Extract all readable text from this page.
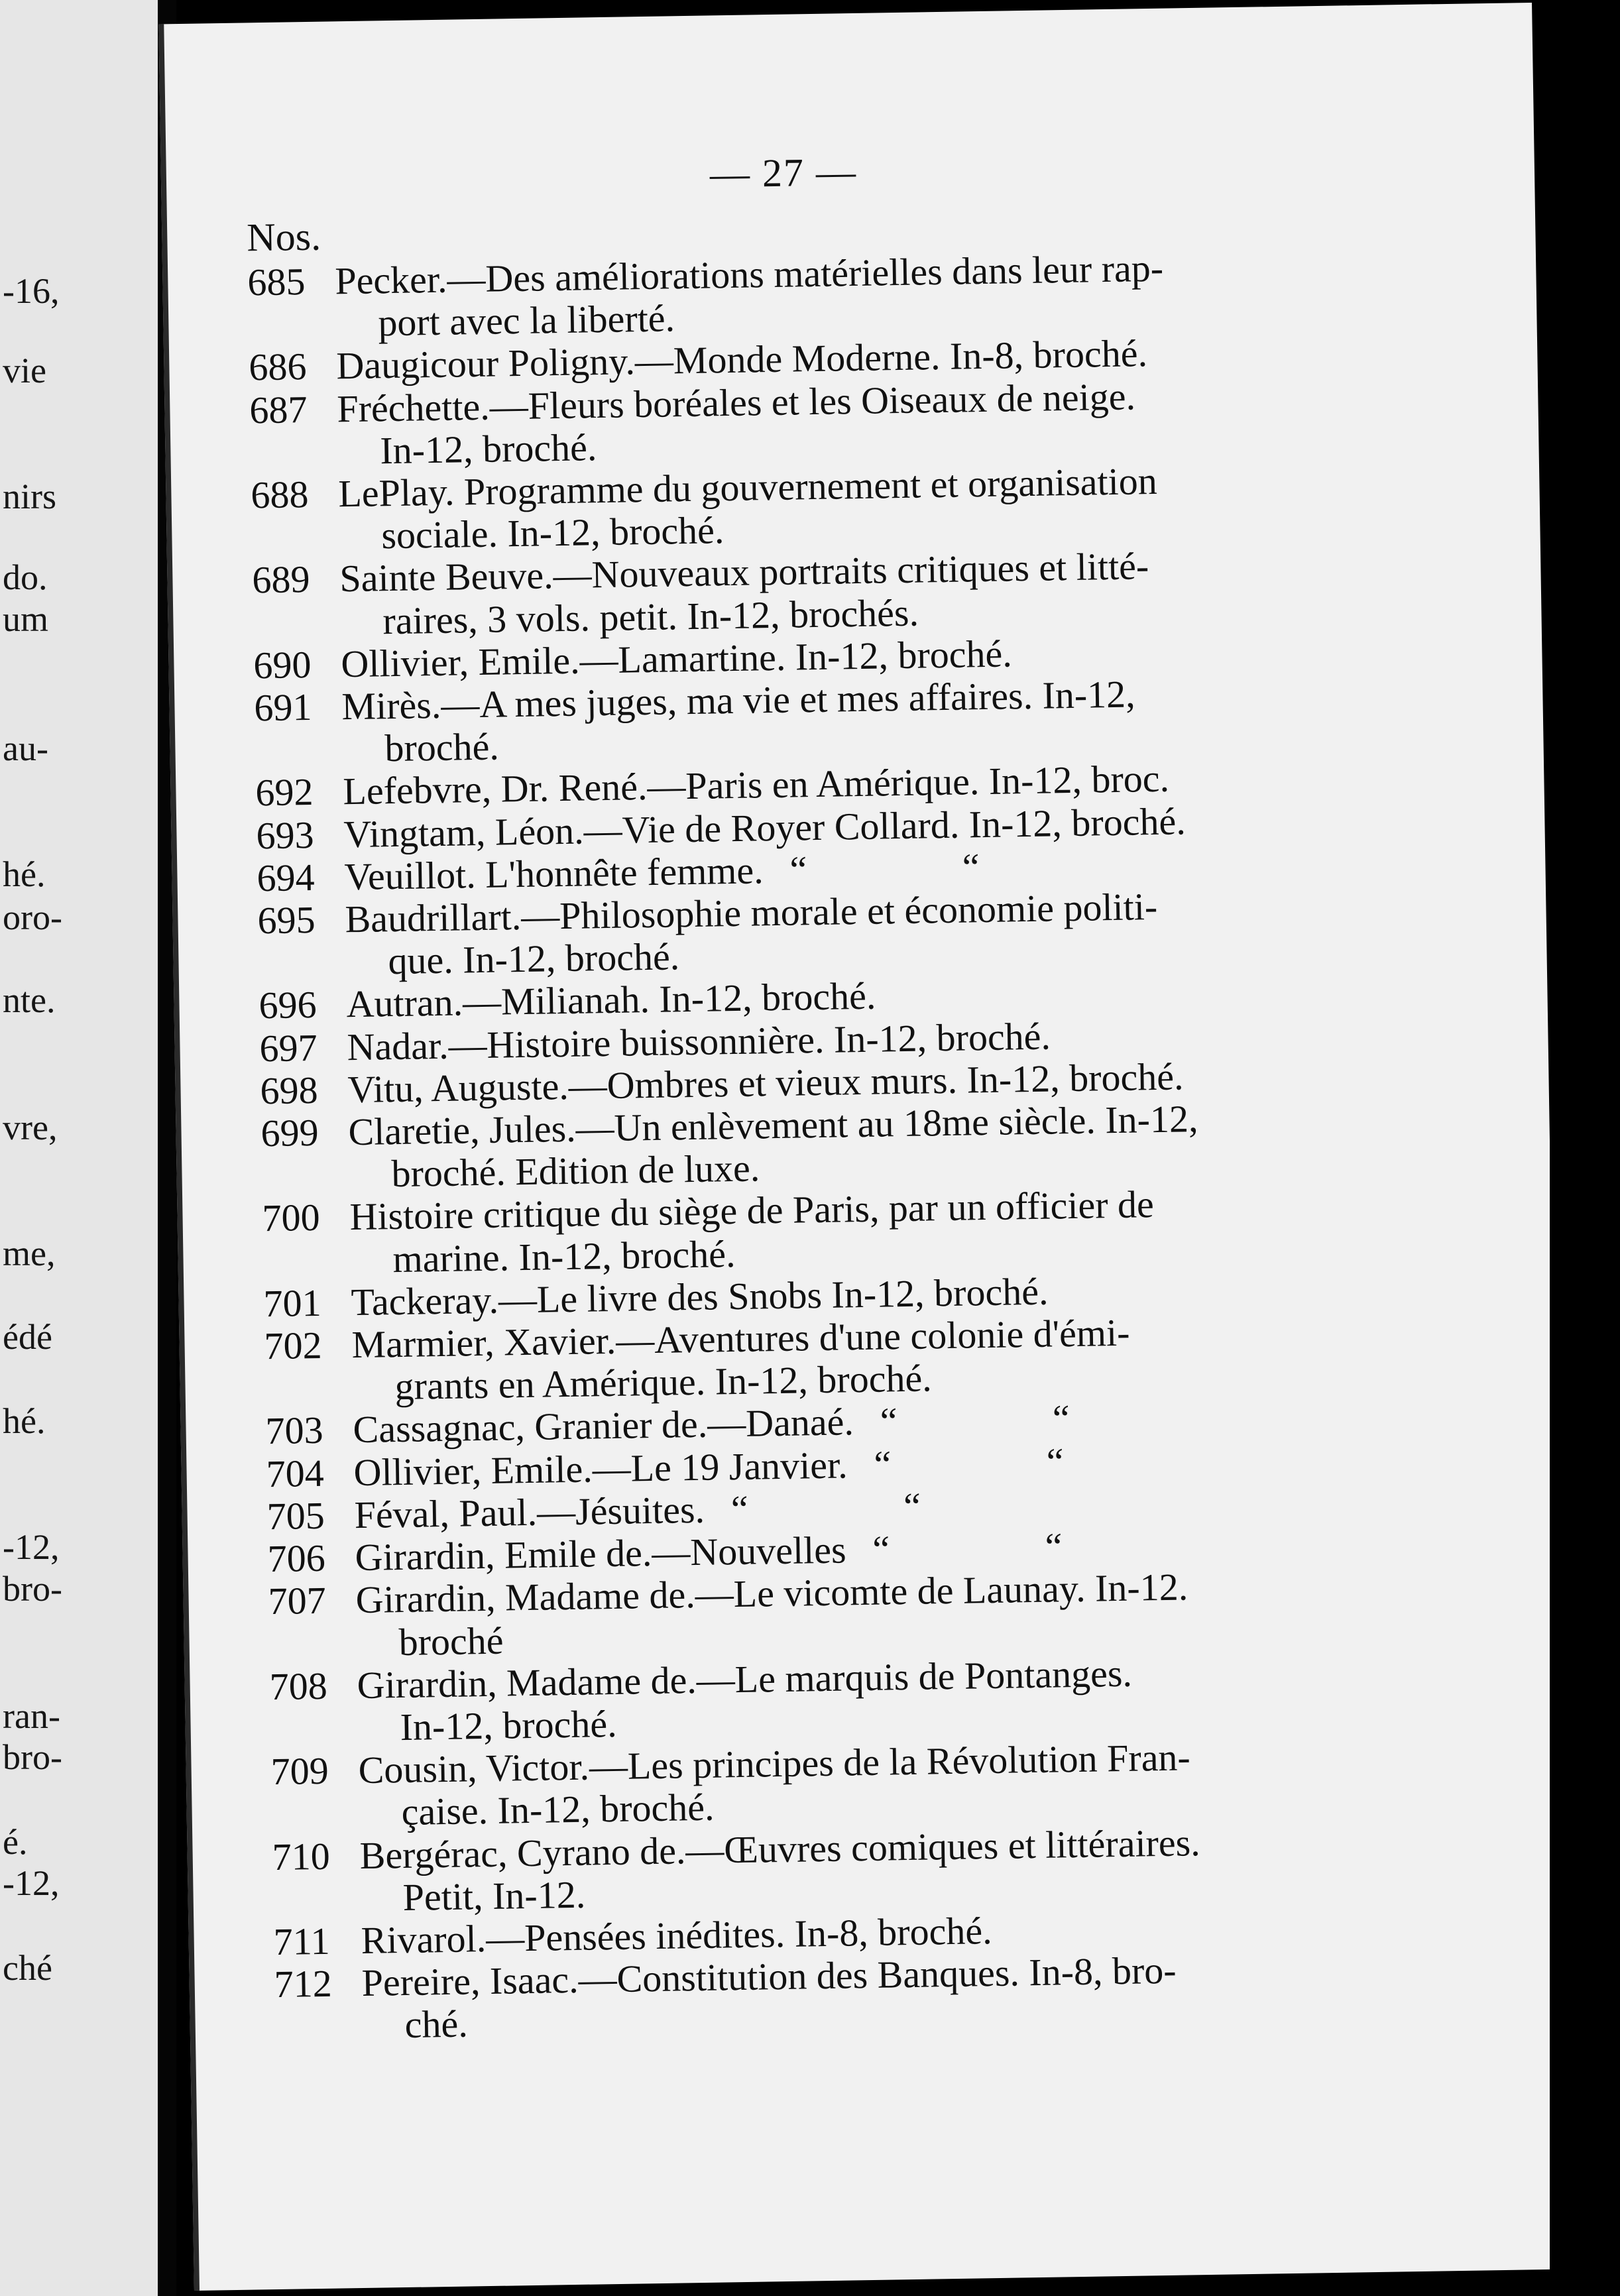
-16,
vie
nirs
do.
um
au-
hé.
oro-
nte.
vre,
me,
édé
hé.
-12,
bro-
ran-
bro-
é.
-12,
ché
— 27 —
Nos.
685 Pecker.—Des améliorations matérielles dans leur rap-
port avec la liberté.
686 Daugicour Poligny.—Monde Moderne. In-8, broché.
687 Fréchette.—Fleurs boréales et les Oiseaux de neige.
In-12, broché.
688 LePlay. Programme du gouvernement et organisation
sociale. In-12, broché.
689 Sainte Beuve.—Nouveaux portraits critiques et litté-
raires, 3 vols. petit. In-12, brochés.
690 Ollivier, Emile.—Lamartine. In-12, broché.
691 Mirès.—A mes juges, ma vie et mes affaires. In-12,
broché.
692 Lefebvre, Dr. René.—Paris en Amérique. In-12, broc.
693 Vingtam, Léon.—Vie de Royer Collard. In-12, broché.
694 Veuillot. L'honnête femme. “ “
695 Baudrillart.—Philosophie morale et économie politi-
que. In-12, broché.
696 Autran.—Milianah. In-12, broché.
697 Nadar.—Histoire buissonnière. In-12, broché.
698 Vitu, Auguste.—Ombres et vieux murs. In-12, broché.
699 Claretie, Jules.—Un enlèvement au 18me siècle. In-12,
broché. Edition de luxe.
700 Histoire critique du siège de Paris, par un officier de
marine. In-12, broché.
701 Tackeray.—Le livre des Snobs In-12, broché.
702 Marmier, Xavier.—Aventures d'une colonie d'émi-
grants en Amérique. In-12, broché.
703 Cassagnac, Granier de.—Danaé. “ “
704 Ollivier, Emile.—Le 19 Janvier. “ “
705 Féval, Paul.—Jésuites. “ “
706 Girardin, Emile de.—Nouvelles “ “
707 Girardin, Madame de.—Le vicomte de Launay. In-12.
broché
708 Girardin, Madame de.—Le marquis de Pontanges.
In-12, broché.
709 Cousin, Victor.—Les principes de la Révolution Fran-
çaise. In-12, broché.
710 Bergérac, Cyrano de.—Œuvres comiques et littéraires.
Petit, In-12.
711 Rivarol.—Pensées inédites. In-8, broché.
712 Pereire, Isaac.—Constitution des Banques. In-8, bro-
ché.
